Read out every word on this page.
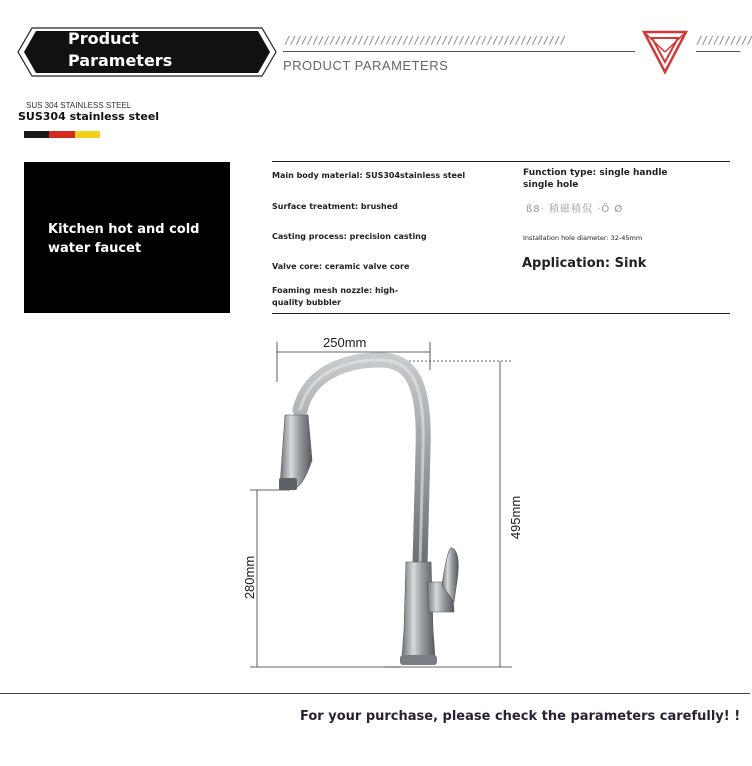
Product
Parameters
//////////////////////////////////////////////////	//////////
PRODUCT PARAMETERS
SUS 304 STAINLESS STEEL
SUS304 stainless steel
Kitchen hot and cold water faucet
Main body material: SUS304stainless steel
Surface treatment: brushed
Casting process: precision casting
Valve core: ceramic valve core
Foaming mesh nozzle: high-quality bubbler
Function type: single handle single hole
ß8· 積磁積侃 ·Ö Ø
Installation hole diameter: 32-45mm
Application: Sink
250mm
495mm
280mm
For your purchase, please check the parameters carefully! !
